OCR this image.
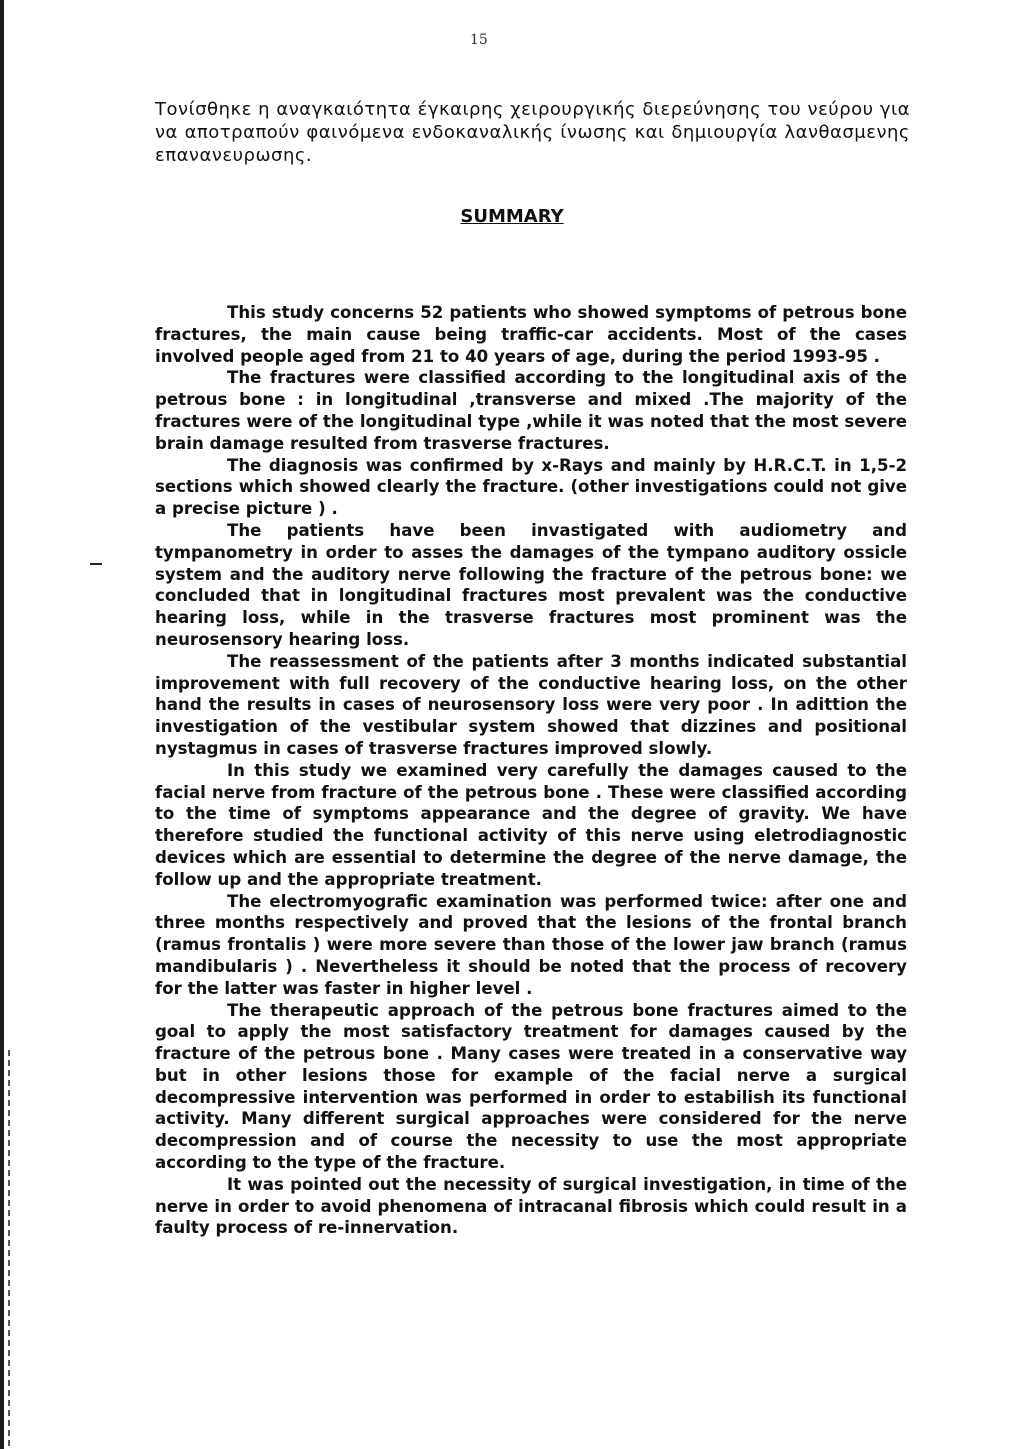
15

Τονίσθηκε η αναγκαιότητα έγκαιρης χειρουργικής διερεύνησης του νεύρου για να αποτραπούν φαινόμενα ενδοκαναλικής ίνωσης και δημιουργία λανθασμενης επανανευρωσης.

SUMMARY

This study concerns 52 patients who showed symptoms of petrous bone fractures, the main cause being traffic-car accidents. Most of the cases involved people aged from 21 to 40 years of age, during the period 1993-95 .

The fractures were classified according to the longitudinal axis of the petrous bone : in longitudinal ,transverse and mixed .The majority of the fractures were of the longitudinal type ,while it was noted that the most severe brain damage resulted from trasverse fractures.

The diagnosis was confirmed by x-Rays and mainly by H.R.C.T. in 1,5-2 sections which showed clearly the fracture. (other investigations could not give a precise picture ) .

The patients have been invastigated with audiometry and tympanometry in order to asses the damages of the tympano auditory ossicle system and the auditory nerve following the fracture of the petrous bone: we concluded that in longitudinal fractures most prevalent was the conductive hearing loss, while in the trasverse fractures most prominent was the neurosensory hearing loss.

The reassessment of the patients after 3 months indicated substantial improvement with full recovery of the conductive hearing loss, on the other hand the results in cases of neurosensory loss were very poor . In adittion the investigation of the vestibular system showed that dizzines and positional nystagmus in cases of trasverse fractures improved slowly.

In this study we examined very carefully the damages caused to the facial nerve from fracture of the petrous bone . These were classified according to the time of symptoms appearance and the degree of gravity. We have therefore studied the functional activity of this nerve using eletrodiagnostic devices which are essential to determine the degree of the nerve damage, the follow up and the appropriate treatment.

The electromyografic examination was performed twice: after one and three months respectively and proved that the lesions of the frontal branch (ramus frontalis ) were more severe than those of the lower jaw branch (ramus mandibularis ) . Nevertheless it should be noted that the process of recovery for the latter was faster in higher level .

The therapeutic approach of the petrous bone fractures aimed to the goal to apply the most satisfactory treatment for damages caused by the fracture of the petrous bone . Many cases were treated in a conservative way but in other lesions those for example of the facial nerve a surgical decompressive intervention was performed in order to estabilish its functional activity. Many different surgical approaches were considered for the nerve decompression and of course the necessity to use the most appropriate according to the type of the fracture.

It was pointed out the necessity of surgical investigation, in time of the nerve in order to avoid phenomena of intracanal fibrosis which could result in a faulty process of re-innervation.
